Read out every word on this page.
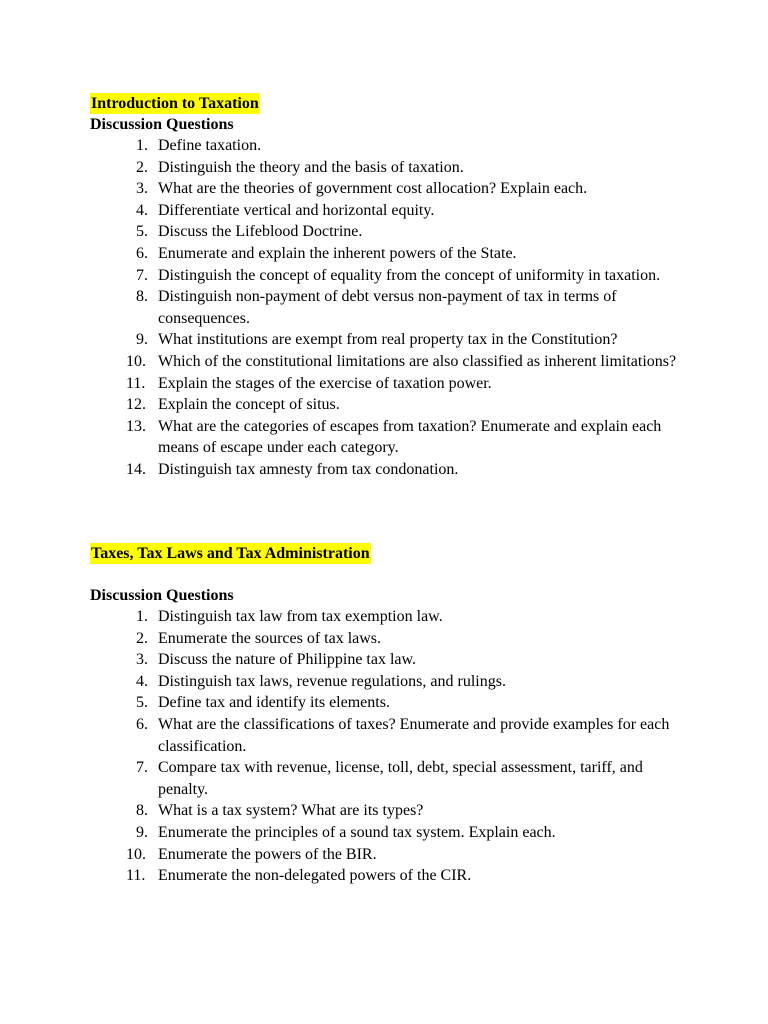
Introduction to Taxation
Discussion Questions
1. Define taxation.
2. Distinguish the theory and the basis of taxation.
3. What are the theories of government cost allocation? Explain each.
4. Differentiate vertical and horizontal equity.
5. Discuss the Lifeblood Doctrine.
6. Enumerate and explain the inherent powers of the State.
7. Distinguish the concept of equality from the concept of uniformity in taxation.
8. Distinguish non-payment of debt versus non-payment of tax in terms of consequences.
9. What institutions are exempt from real property tax in the Constitution?
10. Which of the constitutional limitations are also classified as inherent limitations?
11. Explain the stages of the exercise of taxation power.
12. Explain the concept of situs.
13. What are the categories of escapes from taxation? Enumerate and explain each means of escape under each category.
14. Distinguish tax amnesty from tax condonation.
Taxes, Tax Laws and Tax Administration
Discussion Questions
1. Distinguish tax law from tax exemption law.
2. Enumerate the sources of tax laws.
3. Discuss the nature of Philippine tax law.
4. Distinguish tax laws, revenue regulations, and rulings.
5. Define tax and identify its elements.
6. What are the classifications of taxes? Enumerate and provide examples for each classification.
7. Compare tax with revenue, license, toll, debt, special assessment, tariff, and penalty.
8. What is a tax system? What are its types?
9. Enumerate the principles of a sound tax system. Explain each.
10. Enumerate the powers of the BIR.
11. Enumerate the non-delegated powers of the CIR.
